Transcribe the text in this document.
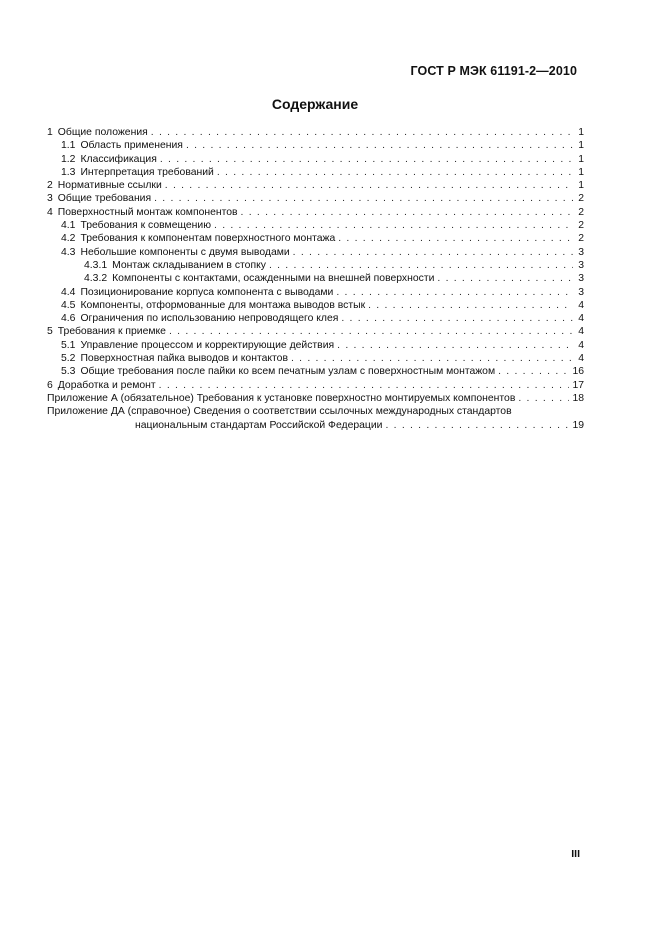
ГОСТ Р МЭК 61191-2—2010
Содержание
1 Общие положения . . .	1
1.1 Область применения . . .	1
1.2 Классификация . . .	1
1.3 Интерпретация требований . . .	1
2 Нормативные ссылки . . .	1
3 Общие требования . . .	2
4 Поверхностный монтаж компонентов . . .	2
4.1 Требования к совмещению . . .	2
4.2 Требования к компонентам поверхностного монтажа . . .	2
4.3 Небольшие компоненты с двумя выводами . . .	3
4.3.1 Монтаж складыванием в стопку . . .	3
4.3.2 Компоненты с контактами, осажденными на внешней поверхности . . .	3
4.4 Позиционирование корпуса компонента с выводами . . .	3
4.5 Компоненты, отформованные для монтажа выводов встык . . .	4
4.6 Ограничения по использованию непроводящего клея . . .	4
5 Требования к приемке . . .	4
5.1 Управление процессом и корректирующие действия . . .	4
5.2 Поверхностная пайка выводов и контактов . . .	4
5.3 Общие требования после пайки ко всем печатным узлам с поверхностным монтажом . . .	16
6 Доработка и ремонт . . .	17
Приложение А (обязательное) Требования к установке поверхностно монтируемых компонентов . . .	18
Приложение ДА (справочное) Сведения о соответствии ссылочных международных стандартов
национальным стандартам Российской Федерации . . .	19
III
